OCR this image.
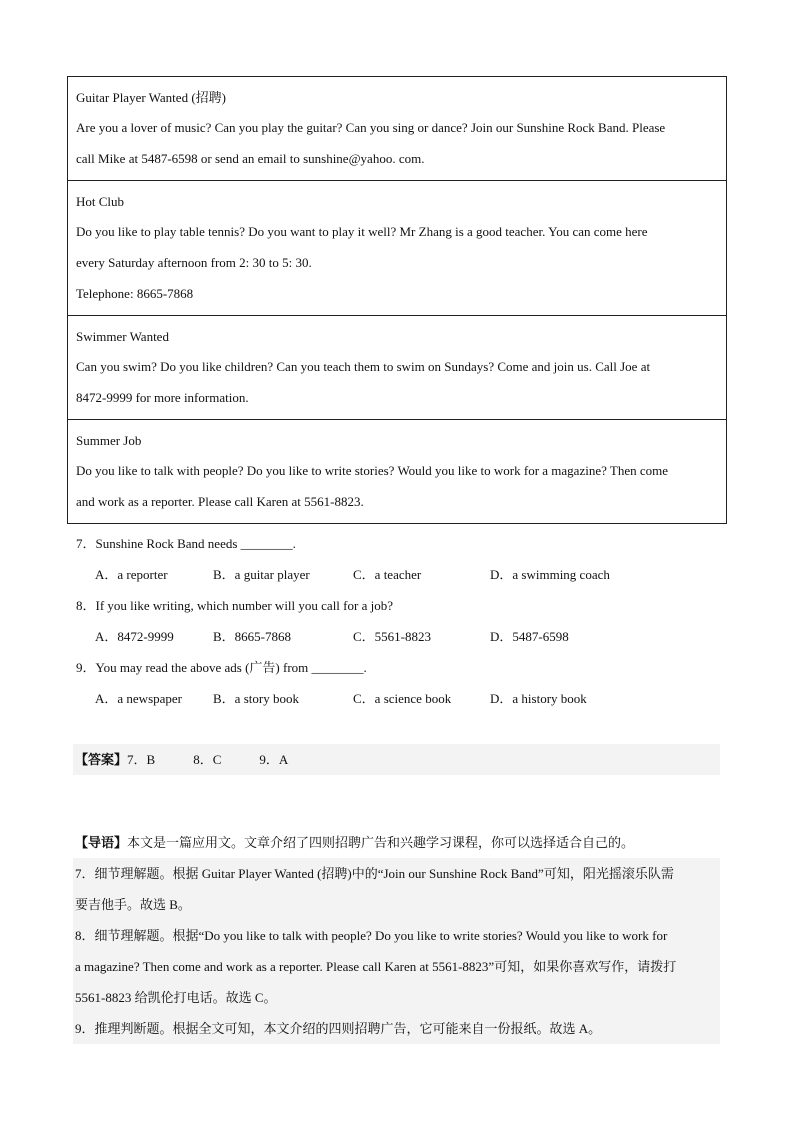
Guitar Player Wanted (招聘)
Are you a lover of music? Can you play the guitar? Can you sing or dance? Join our Sunshine Rock Band. Please
call Mike at 5487-6598 or send an email to sunshine@yahoo. com.
Hot Club
Do you like to play table tennis? Do you want to play it well? Mr Zhang is a good teacher. You can come here
every Saturday afternoon from 2: 30 to 5: 30.
Telephone: 8665-7868
Swimmer Wanted
Can you swim? Do you like children? Can you teach them to swim on Sundays? Come and join us. Call Joe at
8472-9999 for more information.
Summer Job
Do you like to talk with people? Do you like to write stories? Would you like to work for a magazine? Then come
and work as a reporter. Please call Karen at 5561-8823.
7．Sunshine Rock Band needs ________.
A．a reporter	B．a guitar player	C．a teacher	D．a swimming coach
8．If you like writing, which number will you call for a job?
A．8472-9999	B．8665-7868	C．5561-8823	D．5487-6598
9．You may read the above ads (广告) from ________.
A．a newspaper B．a story book	C．a science book	D．a history book
【答案】7．B	8．C	9．A
【导语】本文是一篇应用文。文章介绍了四则招聘广告和兴趣学习课程，你可以选择适合自己的。
7．细节理解题。根据 Guitar Player Wanted (招聘)中的“Join our Sunshine Rock Band”可知，阳光摇滚乐队需
要吉他手。故选 B。
8．细节理解题。根据“Do you like to talk with people? Do you like to write stories? Would you like to work for
a magazine? Then come and work as a reporter. Please call Karen at 5561-8823”可知，如果你喜欢写作，请拨打
5561-8823 给凯伦打电话。故选 C。
9．推理判断题。根据全文可知，本文介绍的四则招聘广告，它可能来自一份报纸。故选 A。
